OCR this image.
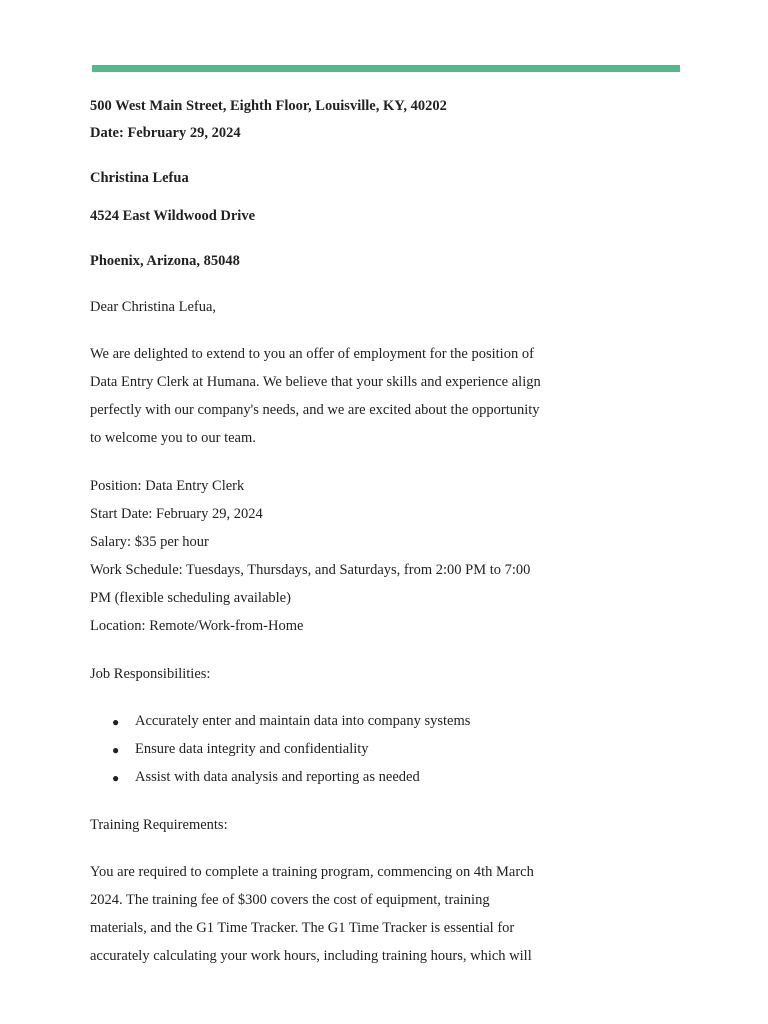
500 West Main Street, Eighth Floor, Louisville, KY, 40202
Date: February 29, 2024
Christina Lefua
4524 East Wildwood Drive
Phoenix, Arizona, 85048
Dear Christina Lefua,
We are delighted to extend to you an offer of employment for the position of
Data Entry Clerk at Humana. We believe that your skills and experience align
perfectly with our company's needs, and we are excited about the opportunity
to welcome you to our team.
Position: Data Entry Clerk
Start Date: February 29, 2024
Salary: $35 per hour
Work Schedule: Tuesdays, Thursdays, and Saturdays, from 2:00 PM to 7:00
PM (flexible scheduling available)
Location: Remote/Work-from-Home
Job Responsibilities:
● Accurately enter and maintain data into company systems
● Ensure data integrity and confidentiality
● Assist with data analysis and reporting as needed
Training Requirements:
You are required to complete a training program, commencing on 4th March
2024. The training fee of $300 covers the cost of equipment, training
materials, and the G1 Time Tracker. The G1 Time Tracker is essential for
accurately calculating your work hours, including training hours, which will
